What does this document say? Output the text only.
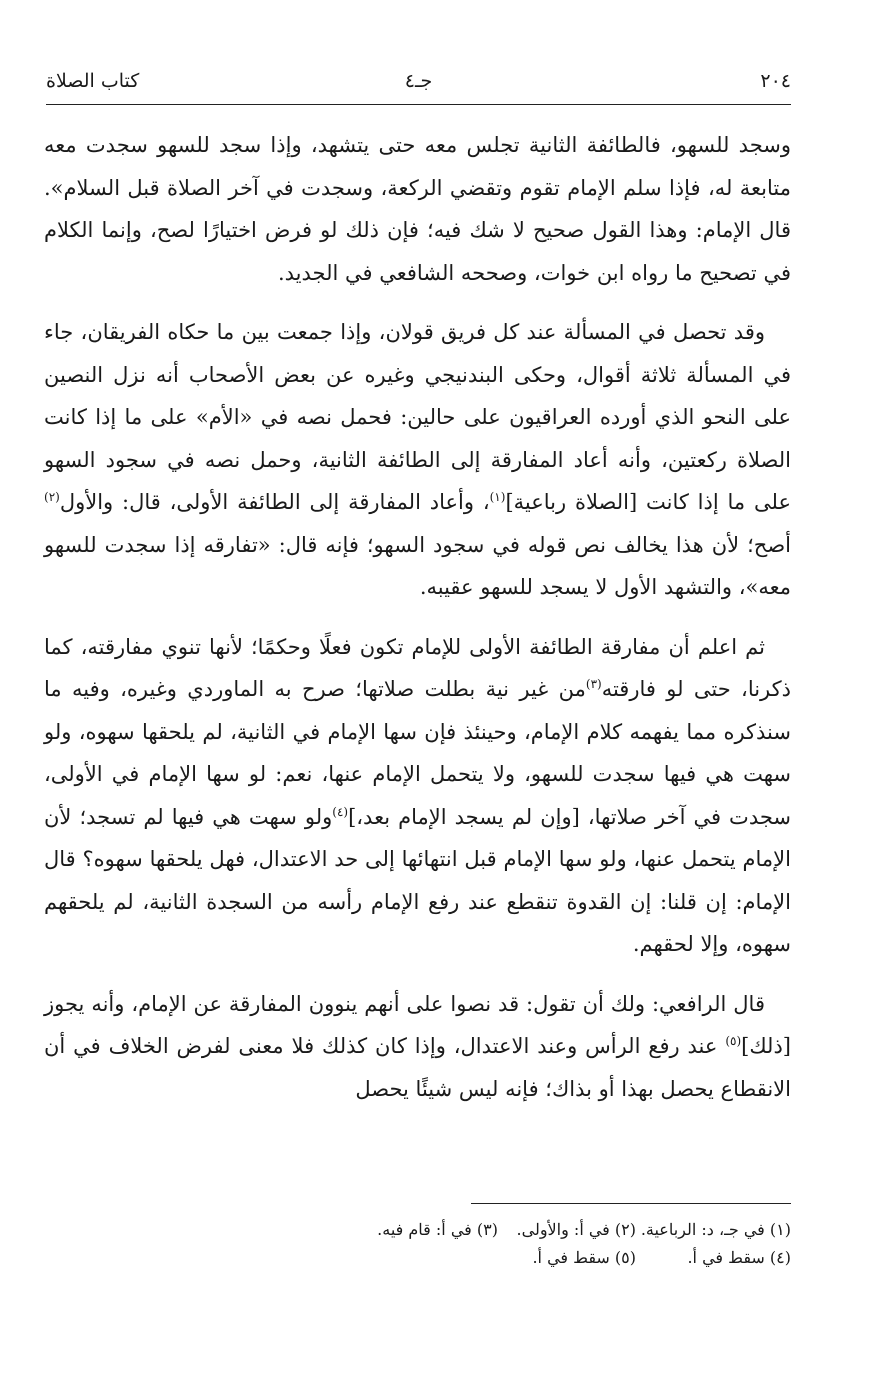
٢٠٤
جـ٤
كتاب الصلاة

وسجد للسهو، فالطائفة الثانية تجلس معه حتى يتشهد، وإذا سجد للسهو سجدت معه متابعة له، فإذا سلم الإمام تقوم وتقضي الركعة، وسجدت في آخر الصلاة قبل السلام». قال الإمام: وهذا القول صحيح لا شك فيه؛ فإن ذلك لو فرض اختيارًا لصح، وإنما الكلام في تصحيح ما رواه ابن خوات، وصححه الشافعي في الجديد.

وقد تحصل في المسألة عند كل فريق قولان، وإذا جمعت بين ما حكاه الفريقان، جاء في المسألة ثلاثة أقوال، وحكى البندنيجي وغيره عن بعض الأصحاب أنه نزل النصين على النحو الذي أورده العراقيون على حالين: فحمل نصه في «الأم» على ما إذا كانت الصلاة ركعتين، وأنه أعاد المفارقة إلى الطائفة الثانية، وحمل نصه في سجود السهو على ما إذا كانت [الصلاة رباعية]$^{(١)}$، وأعاد المفارقة إلى الطائفة الأولى، قال: والأول$^{(٢)}$ أصح؛ لأن هذا يخالف نص قوله في سجود السهو؛ فإنه قال: «تفارقه إذا سجدت للسهو معه»، والتشهد الأول لا يسجد للسهو عقيبه.

ثم اعلم أن مفارقة الطائفة الأولى للإمام تكون فعلًا وحكمًا؛ لأنها تنوي مفارقته، كما ذكرنا، حتى لو فارقته$^{(٣)}$من غير نية بطلت صلاتها؛ صرح به الماوردي وغيره، وفيه ما سنذكره مما يفهمه كلام الإمام، وحينئذ فإن سها الإمام في الثانية، لم يلحقها سهوه، ولو سهت هي فيها سجدت للسهو، ولا يتحمل الإمام عنها، نعم: لو سها الإمام في الأولى، سجدت في آخر صلاتها، [وإن لم يسجد الإمام بعد،]$^{(٤)}$ولو سهت هي فيها لم تسجد؛ لأن الإمام يتحمل عنها، ولو سها الإمام قبل انتهائها إلى حد الاعتدال، فهل يلحقها سهوه؟ قال الإمام: إن قلنا: إن القدوة تنقطع عند رفع الإمام رأسه من السجدة الثانية، لم يلحقهم سهوه، وإلا لحقهم.

قال الرافعي: ولك أن تقول: قد نصوا على أنهم ينوون المفارقة عن الإمام، وأنه يجوز [ذلك]$^{(٥)}$ عند رفع الرأس وعند الاعتدال، وإذا كان كذلك فلا معنى لفرض الخلاف في أن الانقطاع يحصل بهذا أو بذاك؛ فإنه ليس شيئًا يحصل

(١) في جـ، د: الرباعية.
(٢) في أ: والأولى.
(٣) في أ: قام فيه.
(٤) سقط في أ.
(٥) سقط في أ.
